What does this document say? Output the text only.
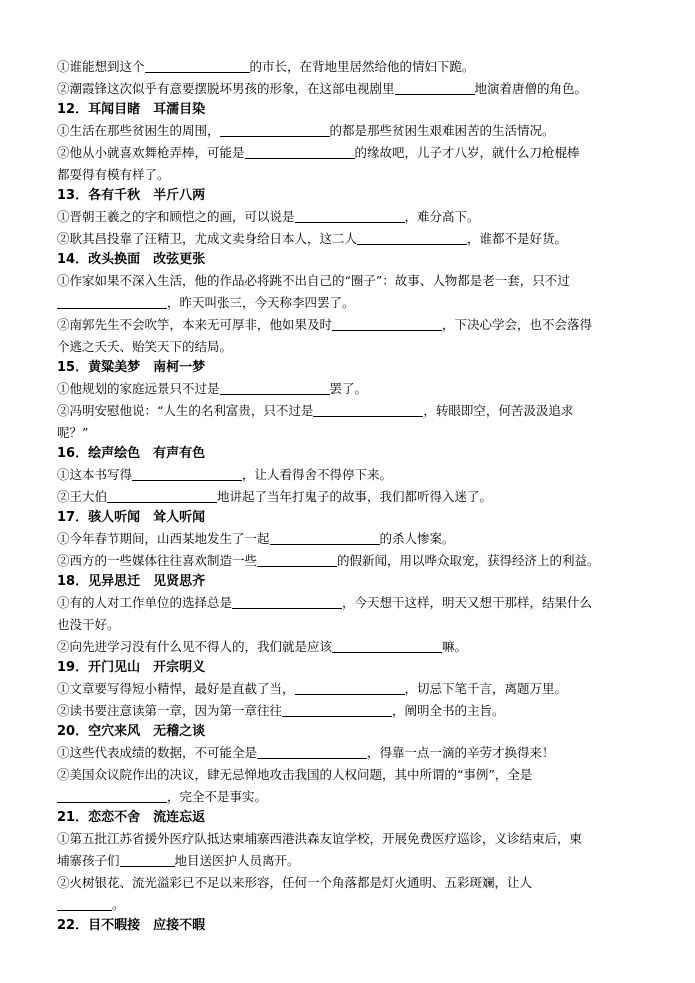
①谁能想到这个	的市长，在背地里居然给他的情妇下跪。
②潮霞锋这次似乎有意要摆脱坏男孩的形象，在这部电视剧里	地演着唐僧的角色。
12．耳闻目睹　耳濡目染
①生活在那些贫困生的周围，	的都是那些贫困生艰难困苦的生活情况。
②他从小就喜欢舞枪弄棒，可能是	的缘故吧，儿子才八岁，就什么刀枪棍棒
都耍得有模有样了。
13．各有千秋　半斤八两
①晋朝王羲之的字和顾恺之的画，可以说是	，难分高下。
②耿其昌投靠了汪精卫，尤成文卖身给日本人，这二人	，谁都不是好货。
14．改头换面　改弦更张
①作家如果不深入生活，他的作品必将跳不出自己的“圈子”：故事、人物都是老一套，只不过
，昨天叫张三，今天称李四罢了。
②南郭先生不会吹竽，本来无可厚非，他如果及时	，下决心学会，也不会落得
个逃之夭夭、贻笑天下的结局。
15．黄粱美梦　南柯一梦
①他规划的家庭远景只不过是	罢了。
②冯明安慰他说：“人生的名利富贵，只不过是	，转眼即空，何苦汲汲追求
呢？”
16．绘声绘色　有声有色
①这本书写得	，让人看得舍不得停下来。
②王大伯	地讲起了当年打鬼子的故事，我们都听得入迷了。
17．骇人听闻　耸人听闻
①今年春节期间，山西某地发生了一起	的杀人惨案。
②西方的一些媒体往往喜欢制造一些	的假新闻，用以哗众取宠，获得经济上的利益。
18．见异思迁　见贤思齐
①有的人对工作单位的选择总是	，今天想干这样，明天又想干那样，结果什么
也没干好。
②向先进学习没有什么见不得人的，我们就是应该	嘛。
19．开门见山　开宗明义
①文章要写得短小精悍，最好是直截了当，	，切忌下笔千言，离题万里。
②读书要注意读第一章，因为第一章往往	，阐明全书的主旨。
20．空穴来风　无稽之谈
①这些代表成绩的数据，不可能全是	，得靠一点一滴的辛劳才换得来！
②美国众议院作出的决议，肆无忌惮地攻击我国的人权问题，其中所谓的“事例”，全是
，完全不是事实。
21．恋恋不舍　流连忘返
①第五批江苏省援外医疗队抵达柬埔寨西港洪森友谊学校，开展免费医疗巡诊，义诊结束后，柬
埔寨孩子们	地目送医护人员离开。
②火树银花、流光溢彩已不足以来形容，任何一个角落都是灯火通明、五彩斑斓，让人
。
22．目不暇接　应接不暇
